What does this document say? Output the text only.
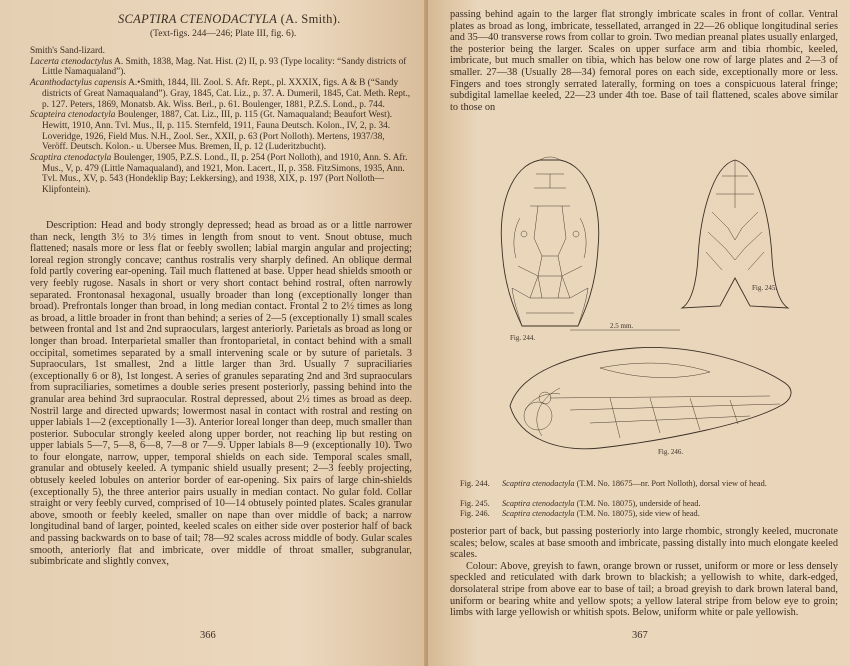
SCAPTIRA CTENODACTYLA (A. Smith).
(Text-figs. 244—246; Plate III, fig. 6).

Smith's Sand-lizard.

Lacerta ctenodactylus A. Smith, 1838, Mag. Nat. Hist. (2) II, p. 93 (Type locality: “Sandy districts of Little Namaqualand”).

Acanthodactylus capensis A.•Smith, 1844, Ill. Zool. S. Afr. Rept., pl. XXXIX, figs. A & B (“Sandy districts of Great Namaqualand”). Gray, 1845, Cat. Liz., p. 37. A. Dumeril, 1845, Cat. Meth. Rept., p. 127. Peters, 1869, Monatsb. Ak. Wiss. Berl., p. 61. Boulenger, 1881, P.Z.S. Lond., p. 744.

Scapteira ctenodactyla Boulenger, 1887, Cat. Liz., III, p. 115 (Gt. Namaqualand; Beaufort West). Hewitt, 1910, Ann. Tvl. Mus., II, p. 115. Sternfeld, 1911, Fauna Deutsch. Kolon., IV, 2, p. 34. Loveridge, 1926, Field Mus. N.H., Zool. Ser., XXII, p. 63 (Port Nolloth). Mertens, 1937/38, Veröff. Deutsch. Kolon.- u. Ubersee Mus. Bremen, II, p. 12 (Luderitzbucht).

Scaptira ctenodactyla Boulenger, 1905, P.Z.S. Lond., II, p. 254 (Port Nolloth), and 1910, Ann. S. Afr. Mus., V, p. 479 (Little Namaqualand), and 1921, Mon. Lacert., II, p. 358. FitzSimons, 1935, Ann. Tvl. Mus., XV, p. 543 (Hondeklip Bay; Lekkersing), and 1938, XIX, p. 197 (Port Nolloth—Klipfontein).

Description: Head and body strongly depressed; head as broad as or a little narrower than neck, length 3½ to 3½ times in length from snout to vent. Snout obtuse, much flattened; nasals more or less flat or feebly swollen; labial margin angular and projecting; loreal region strongly concave; canthus rostralis very sharply defined. An oblique dermal fold partly covering ear-opening. Tail much flattened at base. Upper head shields smooth or very feebly rugose. Nasals in short or very short contact behind rostral, often narrowly separated. Frontonasal hexagonal, usually broader than long (exceptionally longer than broad). Prefrontals longer than broad, in long median contact. Frontal 2 to 2½ times as long as broad, a little broader in front than behind; a series of 2—5 (exceptionally 1) small scales between frontal and 1st and 2nd supraoculars, largest anteriorly. Parietals as broad as long or longer than broad. Interparietal smaller than frontoparietal, in contact behind with a small occipital, sometimes separated by a small intervening scale or by suture of parietals. 3 Supraoculars, 1st smallest, 2nd a little larger than 3rd. Usually 7 supraciliaries (exceptionally 6 or 8), 1st longest. A series of granules separating 2nd and 3rd supraoculars from supraciliaries, sometimes a double series present posteriorly, passing behind into the granular area behind 3rd supraocular. Rostral depressed, about 2½ times as broad as deep. Nostril large and directed upwards; lowermost nasal in contact with rostral and resting on upper labials 1—2 (exceptionally 1—3). Anterior loreal longer than deep, much smaller than posterior. Subocular strongly keeled along upper border, not reaching lip but resting on upper labials 5—7, 5—8, 6—8, 7—8 or 7—9. Upper labials 8—9 (exceptionally 10). Two to four elongate, narrow, upper, temporal shields on each side. Temporal scales small, granular and obtusely keeled. A tympanic shield usually present; 2—3 feebly projecting, obtusely keeled lobules on anterior border of ear-opening. Six pairs of large chin-shields (exceptionally 5), the three anterior pairs usually in median contact. No gular fold. Collar straight or very feebly curved, comprised of 10—14 obtusely pointed plates. Scales granular above, smooth or feebly keeled, smaller on nape than over middle of back; a narrow longitudinal band of larger, pointed, keeled scales on either side over posterior half of back and passing backwards on to base of tail; 78—92 scales across middle of body. Gular scales smooth, anteriorly flat and imbricate, over middle of throat smaller, subgranular, subimbricate and slightly convex,

366

passing behind again to the larger flat strongly imbricate scales in front of collar. Ventral plates as broad as long, imbricate, tessellated, arranged in 22—26 oblique longitudinal series and 35—40 transverse rows from collar to groin. Two median preanal plates usually enlarged, the posterior being the larger. Scales on upper surface arm and tibia rhombic, keeled, imbricate, but much smaller on tibia, which has below one row of large plates and 2—3 of smaller. 27—38 (Usually 28—34) femoral pores on each side, exceptionally more or less. Fingers and toes strongly serrated laterally, forming on toes a conspicuous lateral fringe; subdigital lamellae keeled, 22—23 under 4th toe. Base of tail flattened, scales above similar to those on

Fig. 244.
Fig. 245.
2.5 mm.
Fig. 246.
Fig. 244. Scaptira ctenodactyla (T.M. No. 18675—nr. Port Nolloth), dorsal view of head.
Fig. 245. Scaptira ctenodactyla (T.M. No. 18075), underside of head.
Fig. 246. Scaptira ctenodactyla (T.M. No. 18075), side view of head.

posterior part of back, but passing posteriorly into large rhombic, strongly keeled, mucronate scales; below, scales at base smooth and imbricate, passing distally into much elongate keeled scales.

Colour: Above, greyish to fawn, orange brown or russet, uniform or more or less densely speckled and reticulated with dark brown to blackish; a yellowish to white, dark-edged, dorsolateral stripe from above ear to base of tail; a broad greyish to dark brown lateral band, uniform or bearing white and yellow spots; a yellow lateral stripe from below eye to groin; limbs with large yellowish or whitish spots. Below, uniform white or pale yellowish.

367
